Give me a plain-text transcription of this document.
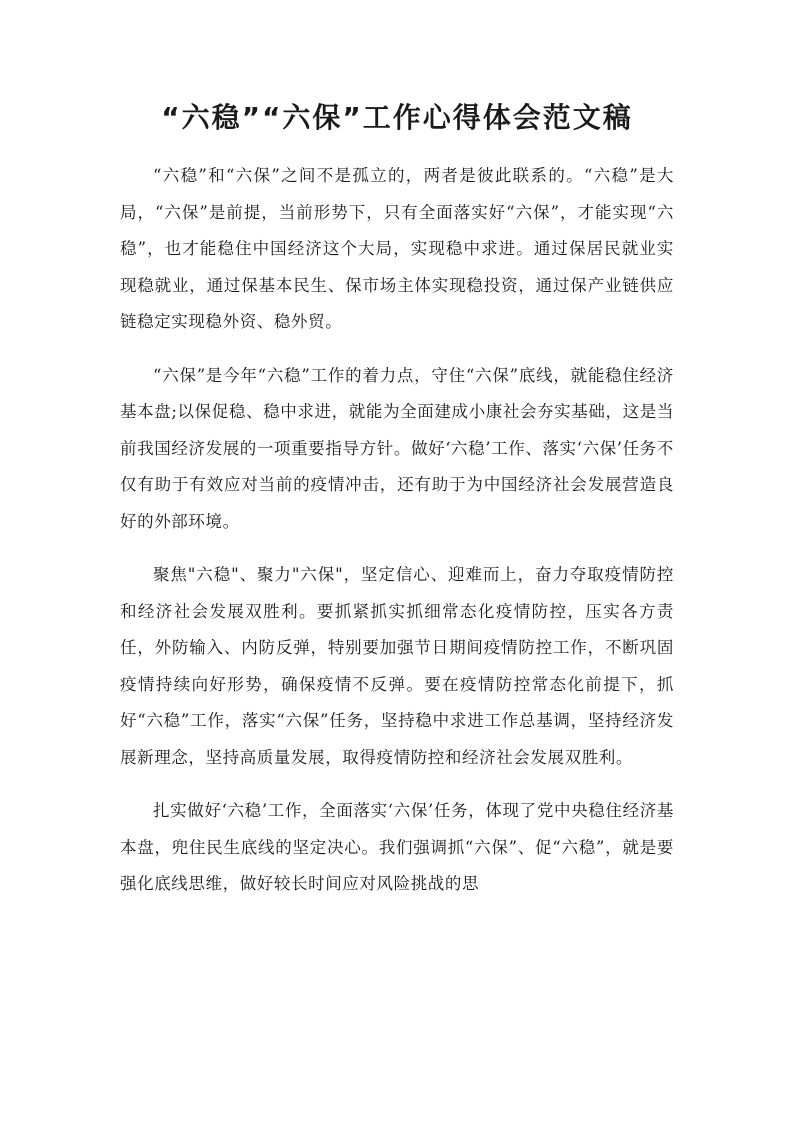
“六稳”“六保”工作心得体会范文稿

“六稳”和“六保”之间不是孤立的，两者是彼此联系的。“六稳”是大局，“六保”是前提，当前形势下，只有全面落实好“六保”，才能实现“六稳”，也才能稳住中国经济这个大局，实现稳中求进。通过保居民就业实现稳就业，通过保基本民生、保市场主体实现稳投资，通过保产业链供应链稳定实现稳外资、稳外贸。

“六保”是今年“六稳”工作的着力点，守住“六保”底线，就能稳住经济基本盘;以保促稳、稳中求进，就能为全面建成小康社会夯实基础，这是当前我国经济发展的一项重要指导方针。做好‘六稳’工作、落实‘六保’任务不仅有助于有效应对当前的疫情冲击，还有助于为中国经济社会发展营造良好的外部环境。

聚焦"六稳"、聚力"六保"，坚定信心、迎难而上，奋力夺取疫情防控和经济社会发展双胜利。要抓紧抓实抓细常态化疫情防控，压实各方责任，外防输入、内防反弹，特别要加强节日期间疫情防控工作，不断巩固疫情持续向好形势，确保疫情不反弹。要在疫情防控常态化前提下，抓好“六稳”工作，落实“六保”任务，坚持稳中求进工作总基调，坚持经济发展新理念，坚持高质量发展，取得疫情防控和经济社会发展双胜利。

扎实做好‘六稳’工作，全面落实‘六保’任务，体现了党中央稳住经济基本盘，兜住民生底线的坚定决心。我们强调抓“六保”、促“六稳”，就是要强化底线思维，做好较长时间应对风险挑战的思
